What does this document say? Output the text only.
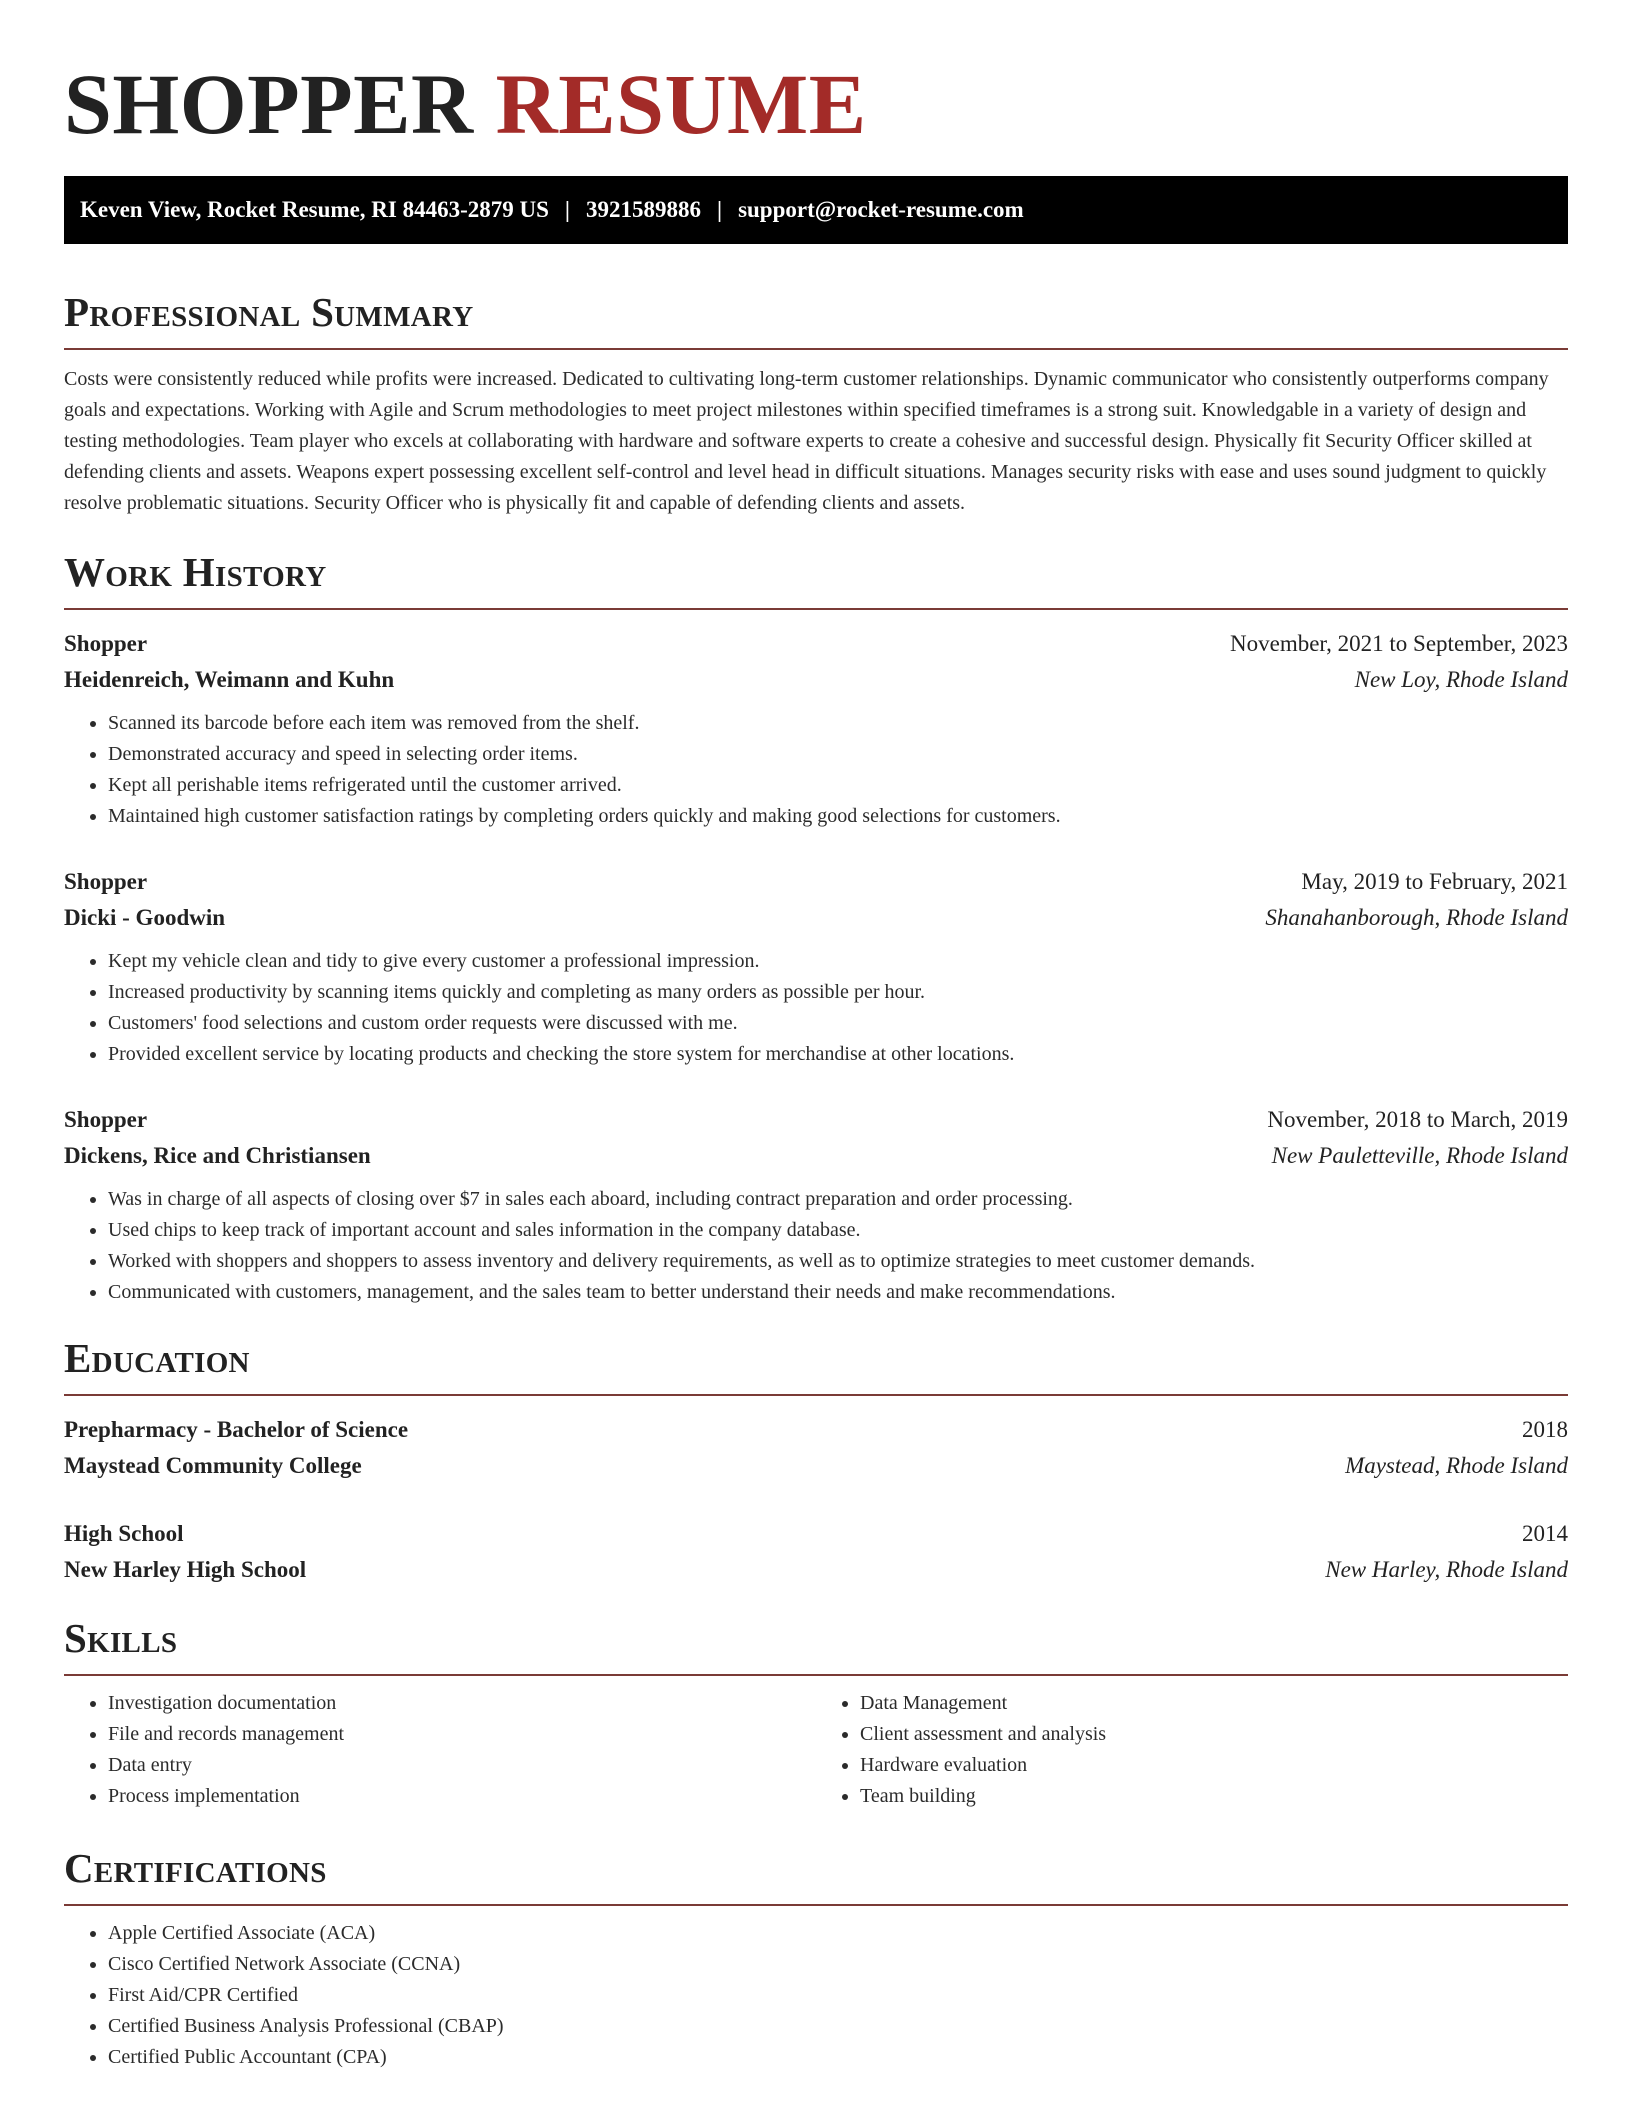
SHOPPER RESUME
Keven View, Rocket Resume, RI 84463-2879 US | 3921589886 | support@rocket-resume.com
Professional Summary

Costs were consistently reduced while profits were increased. Dedicated to cultivating long-term customer relationships. Dynamic communicator who consistently outperforms company goals and expectations. Working with Agile and Scrum methodologies to meet project milestones within specified timeframes is a strong suit. Knowledgable in a variety of design and testing methodologies. Team player who excels at collaborating with hardware and software experts to create a cohesive and successful design. Physically fit Security Officer skilled at defending clients and assets. Weapons expert possessing excellent self-control and level head in difficult situations. Manages security risks with ease and uses sound judgment to quickly resolve problematic situations. Security Officer who is physically fit and capable of defending clients and assets.

Work History
Shopper	November, 2021 to September, 2023
Heidenreich, Weimann and Kuhn	New Loy, Rhode Island
• Scanned its barcode before each item was removed from the shelf.
• Demonstrated accuracy and speed in selecting order items.
• Kept all perishable items refrigerated until the customer arrived.
• Maintained high customer satisfaction ratings by completing orders quickly and making good selections for customers.
Shopper	May, 2019 to February, 2021
Dicki - Goodwin	Shanahanborough, Rhode Island
• Kept my vehicle clean and tidy to give every customer a professional impression.
• Increased productivity by scanning items quickly and completing as many orders as possible per hour.
• Customers' food selections and custom order requests were discussed with me.
• Provided excellent service by locating products and checking the store system for merchandise at other locations.
Shopper	November, 2018 to March, 2019
Dickens, Rice and Christiansen	New Pauletteville, Rhode Island
• Was in charge of all aspects of closing over $7 in sales each aboard, including contract preparation and order processing.
• Used chips to keep track of important account and sales information in the company database.
• Worked with shoppers and shoppers to assess inventory and delivery requirements, as well as to optimize strategies to meet customer demands.
• Communicated with customers, management, and the sales team to better understand their needs and make recommendations.
Education
Prepharmacy - Bachelor of Science	2018
Maystead Community College	Maystead, Rhode Island
High School	2014
New Harley High School	New Harley, Rhode Island
Skills
• Investigation documentation
• File and records management
• Data entry
• Process implementation
• Data Management
• Client assessment and analysis
• Hardware evaluation
• Team building
Certifications
• Apple Certified Associate (ACA)
• Cisco Certified Network Associate (CCNA)
• First Aid/CPR Certified
• Certified Business Analysis Professional (CBAP)
• Certified Public Accountant (CPA)
